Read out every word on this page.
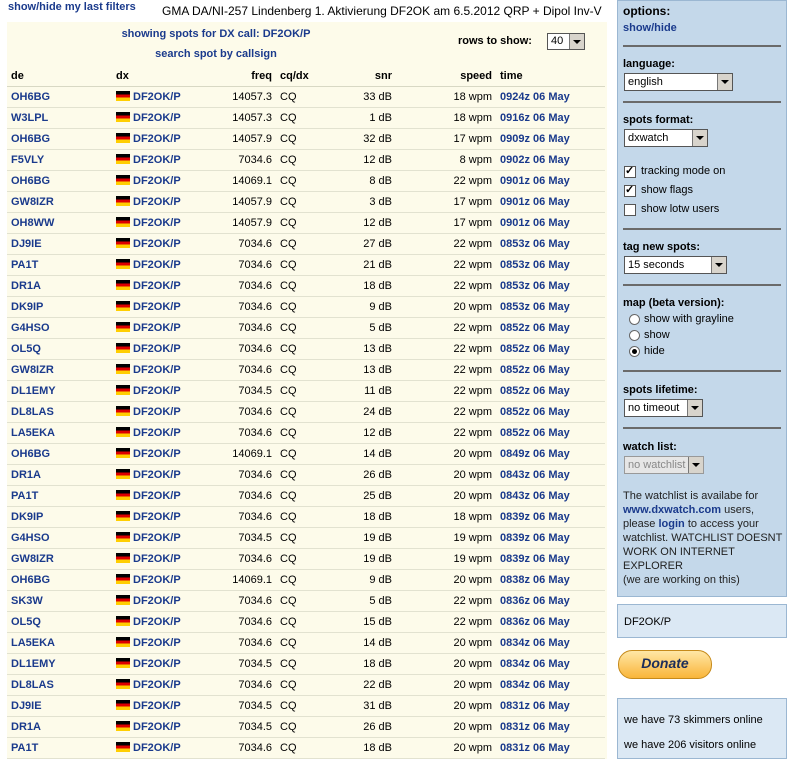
show/hide my last filters GMA DA/NI-257 Lindenberg 1. Aktivierung DF2OK am 6.5.2012 QRP + Dipol Inv-V
showing spots for DX call: DF2OK/P
search spot by callsign
rows to show: 40
de	dx	freq	cq/dx	snr	speed	time
OH6BG	DF2OK/P	14057.3	CQ	33 dB	18 wpm	0924z 06 May
W3LPL	DF2OK/P	14057.3	CQ	1 dB	18 wpm	0916z 06 May
OH6BG	DF2OK/P	14057.9	CQ	32 dB	17 wpm	0909z 06 May
F5VLY	DF2OK/P	7034.6	CQ	12 dB	8 wpm	0902z 06 May
OH6BG	DF2OK/P	14069.1	CQ	8 dB	22 wpm	0901z 06 May
GW8IZR	DF2OK/P	14057.9	CQ	3 dB	17 wpm	0901z 06 May
OH8WW	DF2OK/P	14057.9	CQ	12 dB	17 wpm	0901z 06 May
DJ9IE	DF2OK/P	7034.6	CQ	27 dB	22 wpm	0853z 06 May
PA1T	DF2OK/P	7034.6	CQ	21 dB	22 wpm	0853z 06 May
DR1A	DF2OK/P	7034.6	CQ	18 dB	22 wpm	0853z 06 May
DK9IP	DF2OK/P	7034.6	CQ	9 dB	20 wpm	0853z 06 May
G4HSO	DF2OK/P	7034.6	CQ	5 dB	22 wpm	0852z 06 May
OL5Q	DF2OK/P	7034.6	CQ	13 dB	22 wpm	0852z 06 May
GW8IZR	DF2OK/P	7034.6	CQ	13 dB	22 wpm	0852z 06 May
DL1EMY	DF2OK/P	7034.5	CQ	11 dB	22 wpm	0852z 06 May
DL8LAS	DF2OK/P	7034.6	CQ	24 dB	22 wpm	0852z 06 May
LA5EKA	DF2OK/P	7034.6	CQ	12 dB	22 wpm	0852z 06 May
OH6BG	DF2OK/P	14069.1	CQ	14 dB	20 wpm	0849z 06 May
DR1A	DF2OK/P	7034.6	CQ	26 dB	20 wpm	0843z 06 May
PA1T	DF2OK/P	7034.6	CQ	25 dB	20 wpm	0843z 06 May
DK9IP	DF2OK/P	7034.6	CQ	18 dB	18 wpm	0839z 06 May
G4HSO	DF2OK/P	7034.5	CQ	19 dB	19 wpm	0839z 06 May
GW8IZR	DF2OK/P	7034.6	CQ	19 dB	19 wpm	0839z 06 May
OH6BG	DF2OK/P	14069.1	CQ	9 dB	20 wpm	0838z 06 May
SK3W	DF2OK/P	7034.6	CQ	5 dB	22 wpm	0836z 06 May
OL5Q	DF2OK/P	7034.6	CQ	15 dB	22 wpm	0836z 06 May
LA5EKA	DF2OK/P	7034.6	CQ	14 dB	20 wpm	0834z 06 May
DL1EMY	DF2OK/P	7034.5	CQ	18 dB	20 wpm	0834z 06 May
DL8LAS	DF2OK/P	7034.6	CQ	22 dB	20 wpm	0834z 06 May
DJ9IE	DF2OK/P	7034.5	CQ	31 dB	20 wpm	0831z 06 May
DR1A	DF2OK/P	7034.5	CQ	26 dB	20 wpm	0831z 06 May
PA1T	DF2OK/P	7034.6	CQ	18 dB	20 wpm	0831z 06 May
options:
show/hide
language:
english
spots format:
dxwatch
✓
tracking mode on
✓
show flags
show lotw users
tag new spots:
15 seconds
map (beta version):
show with grayline
show
hide
spots lifetime:
no timeout
watch list:
no watchlist
The watchlist is availabe for
www.dxwatch.com users,
please login to access your
watchlist. WATCHLIST DOESNT
WORK ON INTERNET EXPLORER
(we are working on this)
DF2OK/P
Donate
we have 73 skimmers online
we have 206 visitors online
